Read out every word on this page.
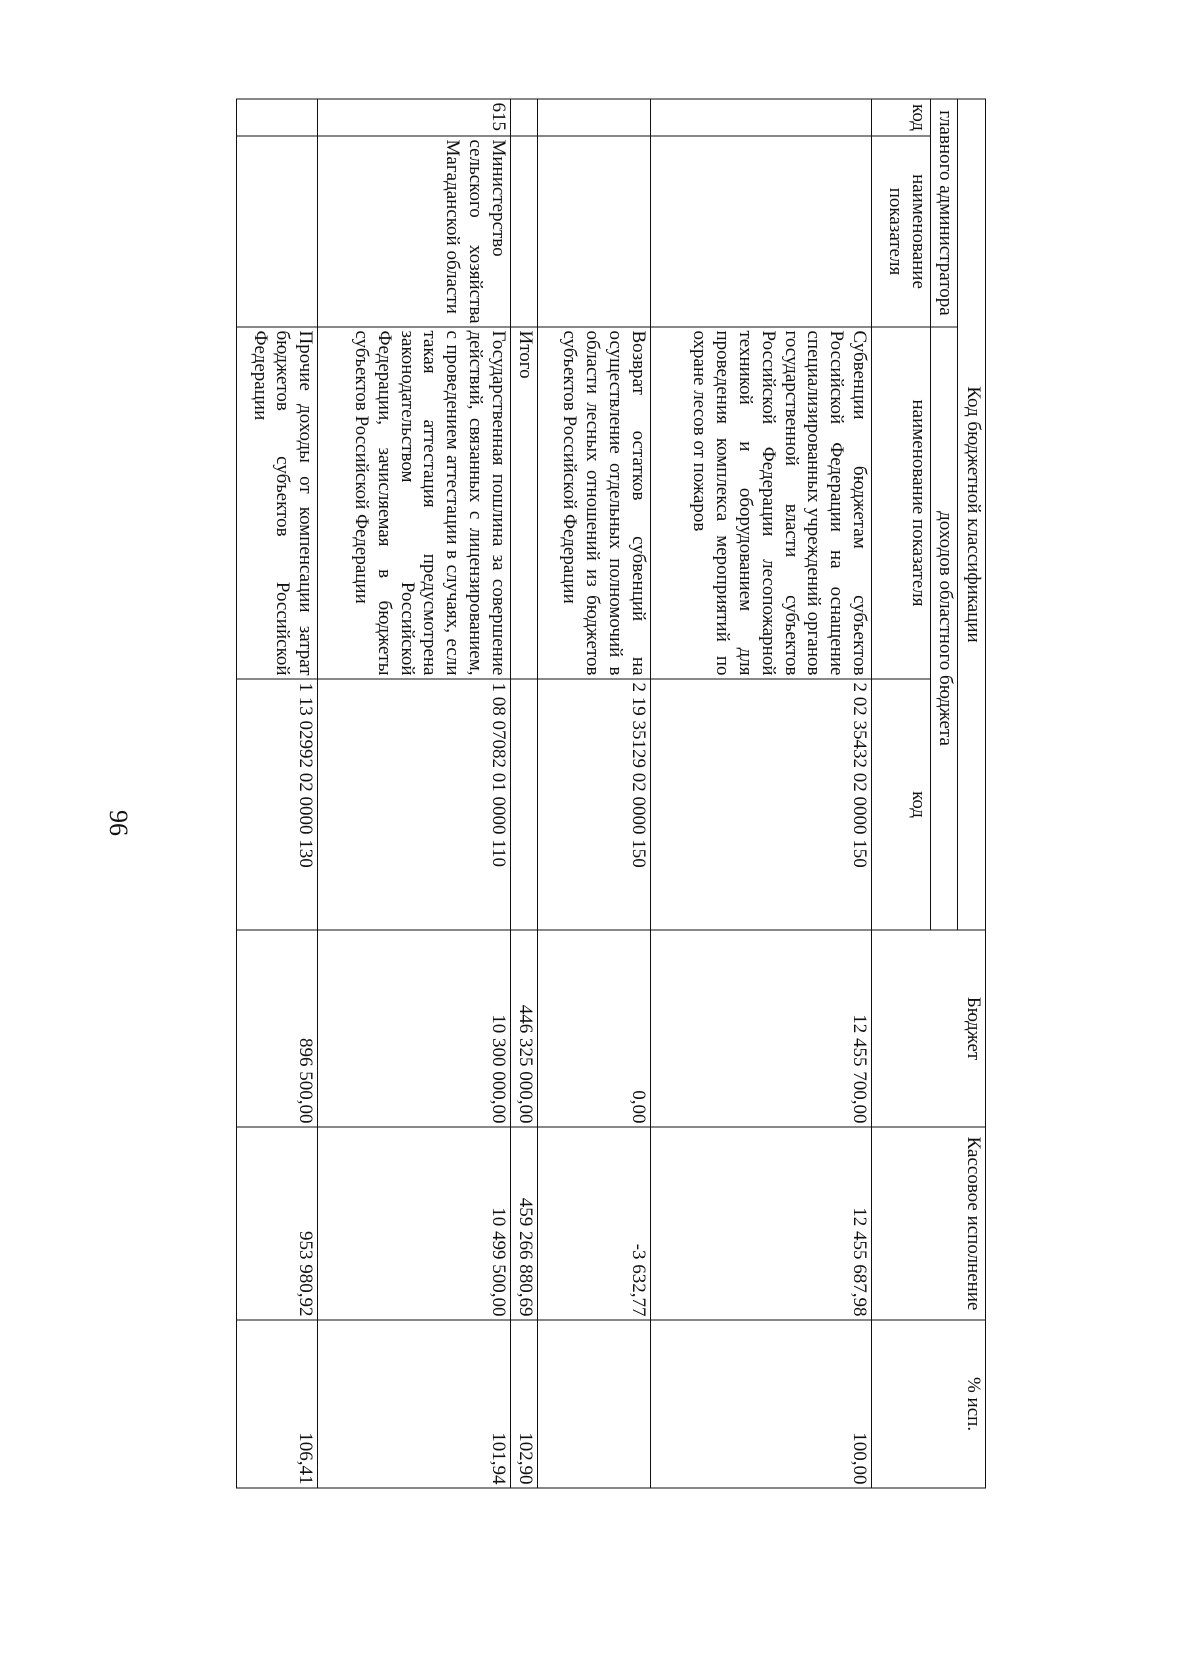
96
Код бюджетной классификации				Бюджет	Кассовое исполнение	% исп.
главного администратора		доходов областного бюджета				
код	наименование показателя	наименование показателя	код			
		Субвенции бюджетам субъектов Российской Федерации на оснащение специализированных учреждений органов государственной власти субъектов Российской Федерации лесопожарной техникой и оборудованием для проведения комплекса мероприятий по охране лесов от пожаров	2 02 35432 02 0000 150	12 455 700,00	12 455 687,98	100,00
		Возврат остатков субвенций на осуществление отдельных полномочий в области лесных отношений из бюджетов субъектов Российской Федерации	2 19 35129 02 0000 150	0,00	-3 632,77	
		Итого		446 325 000,00	459 266 880,69	102,90
615	Министерство сельского хозяйства Магаданской области	Государственная пошлина за совершение действий, связанных с лицензированием, с проведением аттестации в случаях, если такая аттестация предусмотрена законодательством Российской Федерации, зачисляемая в бюджеты субъектов Российской Федерации	1 08 07082 01 0000 110	10 300 000,00	10 499 500,00	101,94
		Прочие доходы от компенсации затрат бюджетов субъектов Российской Федерации	1 13 02992 02 0000 130	896 500,00	953 980,92	106,41
